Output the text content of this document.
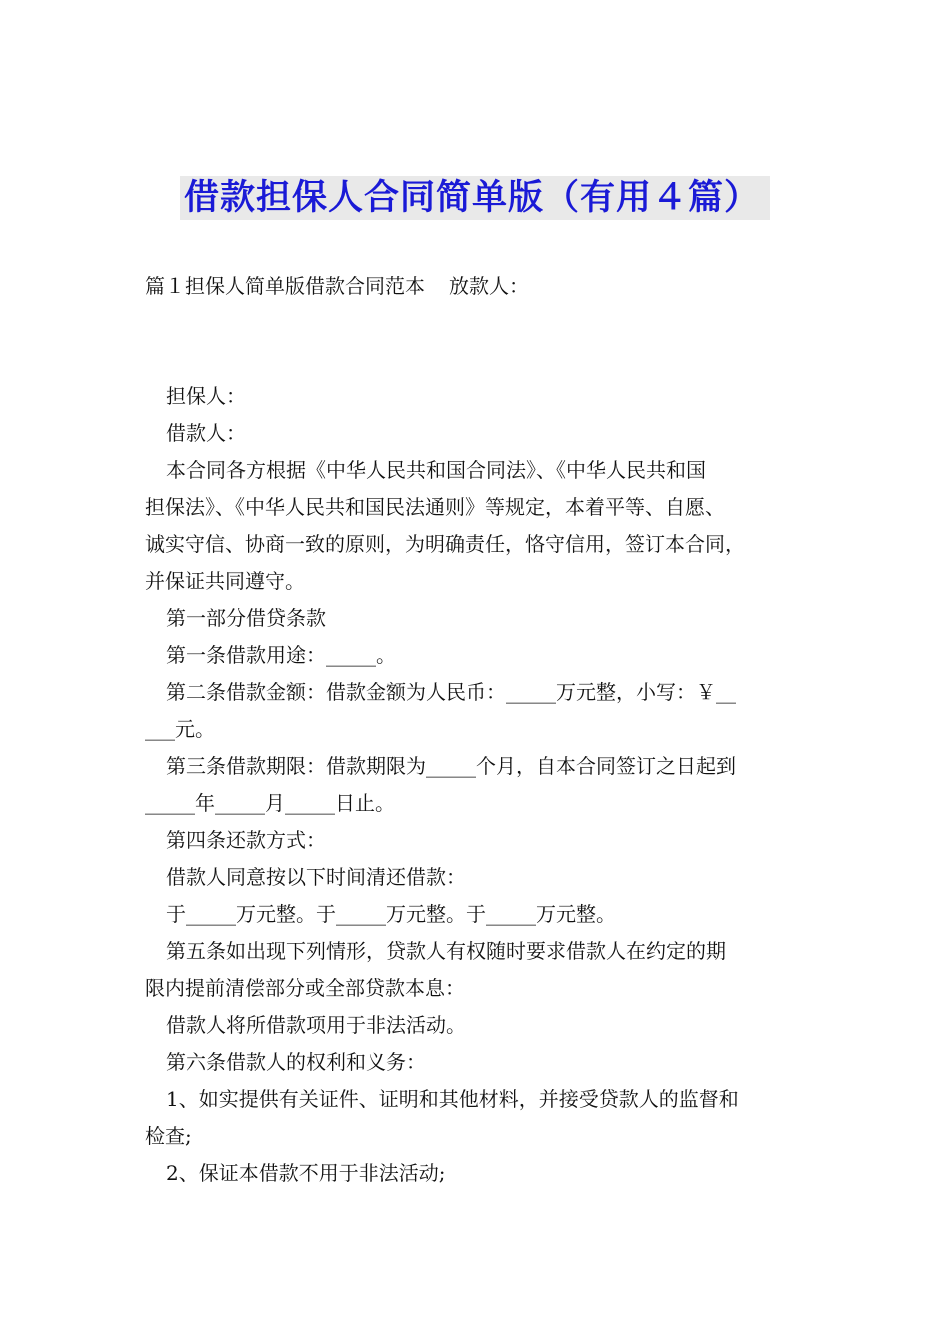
借款担保人合同简单版（有用４篇）
篇１担保人简单版借款合同范本 放款人：

担保人：

借款人：

本合同各方根据《中华人民共和国合同法》、《中华人民共和国

担保法》、《中华人民共和国民法通则》等规定，本着平等、自愿、

诚实守信、协商一致的原则，为明确责任，恪守信用，签订本合同，

并保证共同遵守。

第一部分借贷条款

第一条借款用途：_____。

第二条借款金额：借款金额为人民币：_____万元整，小写：￥__

___元。

第三条借款期限：借款期限为_____个月，自本合同签订之日起到

_____年_____月_____日止。

第四条还款方式：

借款人同意按以下时间清还借款：

于_____万元整。于_____万元整。于_____万元整。

第五条如出现下列情形，贷款人有权随时要求借款人在约定的期

限内提前清偿部分或全部贷款本息：

借款人将所借款项用于非法活动。

第六条借款人的权利和义务：

1、如实提供有关证件、证明和其他材料，并接受贷款人的监督和

检查;

2、保证本借款不用于非法活动;
